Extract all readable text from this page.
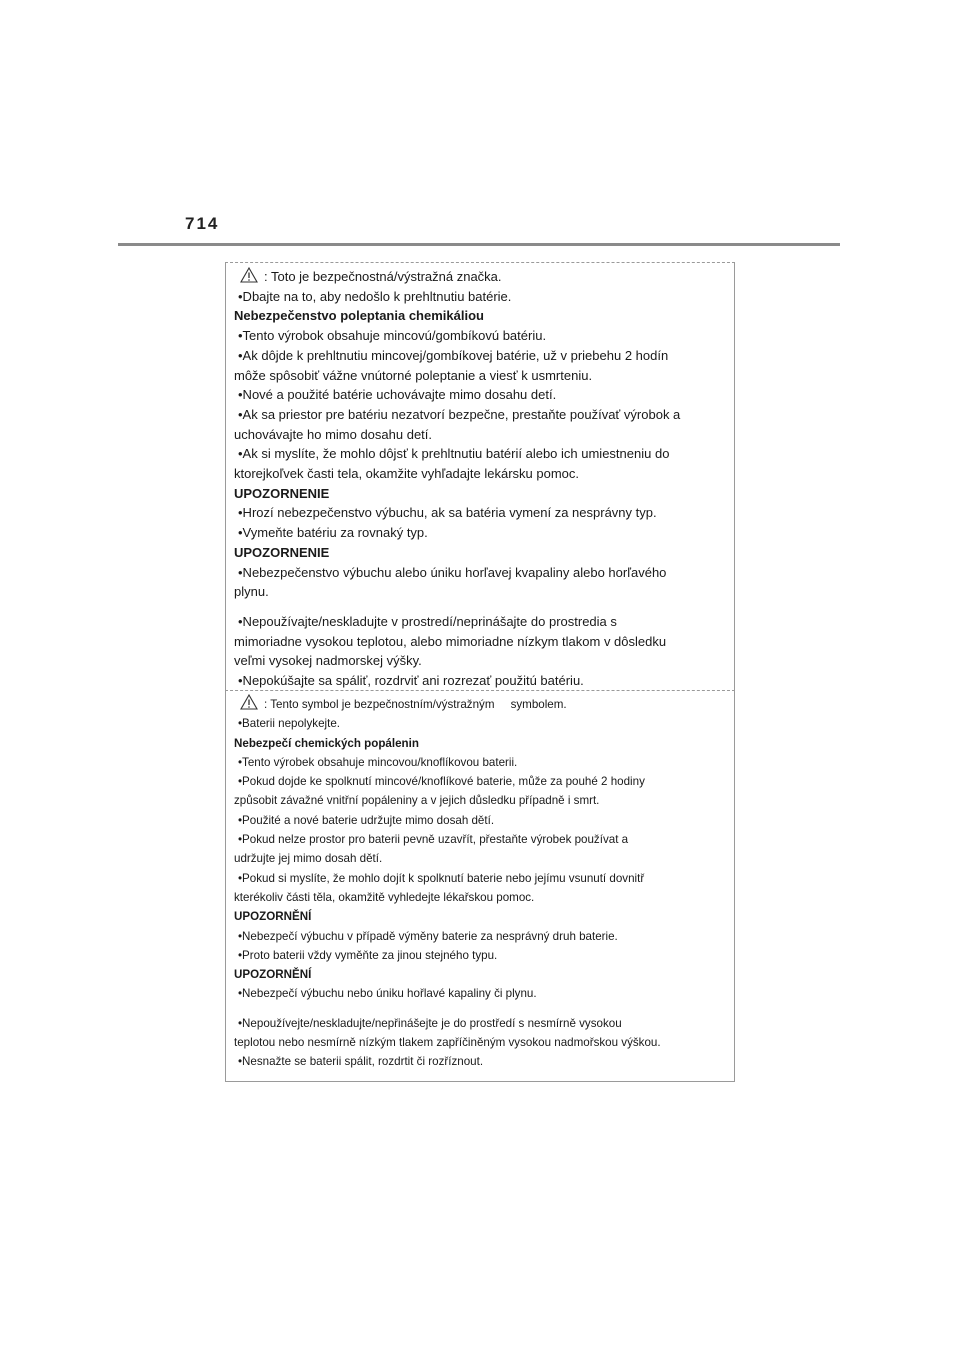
714
: Toto je bezpečnostná/výstražná značka.
•Dbajte na to, aby nedošlo k prehltnutiu batérie.
Nebezpečenstvo poleptania chemikáliou
•Tento výrobok obsahuje mincovú/gombíkovú batériu.
•Ak dôjde k prehltnutiu mincovej/gombíkovej batérie, už v priebehu 2 hodín
môže spôsobiť vážne vnútorné poleptanie a viesť k usmrteniu.
•Nové a použité batérie uchovávajte mimo dosahu detí.
•Ak sa priestor pre batériu nezatvorí bezpečne, prestaňte používať výrobok a
uchovávajte ho mimo dosahu detí.
•Ak si myslíte, že mohlo dôjsť k prehltnutiu batérií alebo ich umiestneniu do
ktorejkoľvek časti tela, okamžite vyhľadajte lekársku pomoc.
UPOZORNENIE
•Hrozí nebezpečenstvo výbuchu, ak sa batéria vymení za nesprávny typ.
•Vymeňte batériu za rovnaký typ.
UPOZORNENIE
•Nebezpečenstvo výbuchu alebo úniku horľavej kvapaliny alebo horľavého
plynu.
•Nepoužívajte/neskladujte v prostredí/neprinášajte do prostredia s
mimoriadne vysokou teplotou, alebo mimoriadne nízkym tlakom v dôsledku
veľmi vysokej nadmorskej výšky.
•Nepokúšajte sa spáliť, rozdrviť ani rozrezať použitú batériu.
: Tento symbol je bezpečnostním/výstražným     symbolem.
•Baterii nepolykejte.
Nebezpečí chemických popálenin
•Tento výrobek obsahuje mincovou/knoflíkovou baterii.
•Pokud dojde ke spolknutí mincové/knoflíkové baterie, může za pouhé 2 hodiny
způsobit závažné vnitřní popáleniny a v jejich důsledku případně i smrt.
•Použité a nové baterie udržujte mimo dosah dětí.
•Pokud nelze prostor pro baterii pevně uzavřít, přestaňte výrobek používat a
udržujte jej mimo dosah dětí.
•Pokud si myslíte, že mohlo dojít k spolknutí baterie nebo jejímu vsunutí dovnitř
kterékoliv části těla, okamžitě vyhledejte lékařskou pomoc.
UPOZORNĚNÍ
•Nebezpečí výbuchu v případě výměny baterie za nesprávný druh baterie.
•Proto baterii vždy vyměňte za jinou stejného typu.
UPOZORNĚNÍ
•Nebezpečí výbuchu nebo úniku hořlavé kapaliny či plynu.
•Nepoužívejte/neskladujte/nepřinášejte je do prostředí s nesmírně vysokou
teplotou nebo nesmírně nízkým tlakem zapříčiněným vysokou nadmořskou výškou.
•Nesnažte se baterii spálit, rozdrtit či rozříznout.
